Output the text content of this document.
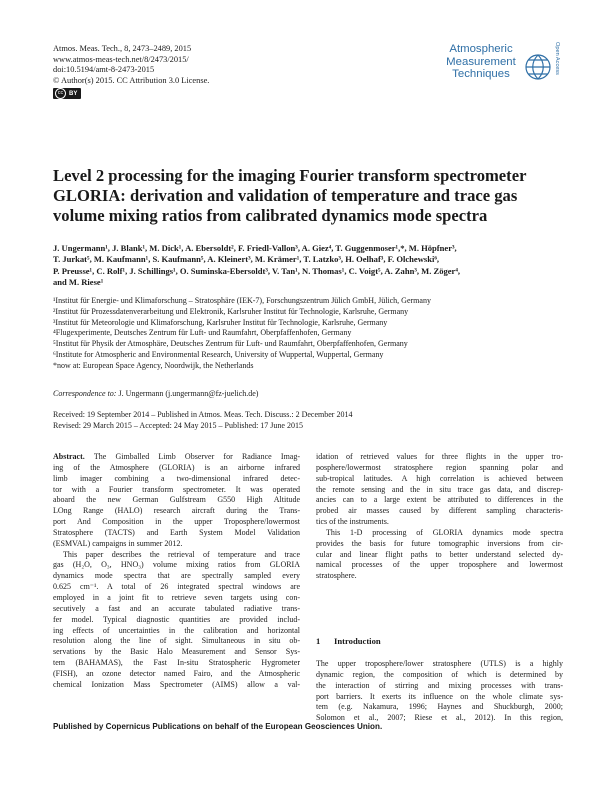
Atmos. Meas. Tech., 8, 2473–2489, 2015
www.atmos-meas-tech.net/8/2473/2015/
doi:10.5194/amt-8-2473-2015
© Author(s) 2015. CC Attribution 3.0 License.
cc BY
Atmospheric
Measurement
Techniques	Open Access
Level 2 processing for the imaging Fourier transform spectrometer
GLORIA: derivation and validation of temperature and trace gas
volume mixing ratios from calibrated dynamics mode spectra
J. Ungermann¹, J. Blank¹, M. Dick¹, A. Ebersoldt², F. Friedl-Vallon³, A. Giez⁴, T. Guggenmoser¹,*, M. Höpfner³,
T. Jurkat⁵, M. Kaufmann¹, S. Kaufmann⁵, A. Kleinert³, M. Krämer¹, T. Latzko³, H. Oelhaf³, F. Olchewski⁶,
P. Preusse¹, C. Rolf¹, J. Schillings¹, O. Suminska-Ebersoldt³, V. Tan¹, N. Thomas¹, C. Voigt⁵, A. Zahn³, M. Zöger⁴,
and M. Riese¹
¹Institut für Energie- und Klimaforschung – Stratosphäre (IEK-7), Forschungszentrum Jülich GmbH, Jülich, Germany
²Institut für Prozessdatenverarbeitung und Elektronik, Karlsruher Institut für Technologie, Karlsruhe, Germany
³Institut für Meteorologie und Klimaforschung, Karlsruher Institut für Technologie, Karlsruhe, Germany
⁴Flugexperimente, Deutsches Zentrum für Luft- und Raumfahrt, Oberpfaffenhofen, Germany
⁵Institut für Physik der Atmosphäre, Deutsches Zentrum für Luft- und Raumfahrt, Oberpfaffenhofen, Germany
⁶Institute for Atmospheric and Environmental Research, University of Wuppertal, Wuppertal, Germany
*now at: European Space Agency, Noordwijk, the Netherlands
Correspondence to: J. Ungermann (j.ungermann@fz-juelich.de)
Received: 19 September 2014 – Published in Atmos. Meas. Tech. Discuss.: 2 December 2014
Revised: 29 March 2015 – Accepted: 24 May 2015 – Published: 17 June 2015
Abstract. The Gimballed Limb Observer for Radiance Imag-
ing of the Atmosphere (GLORIA) is an airborne infrared
limb imager combining a two-dimensional infrared detec-
tor with a Fourier transform spectrometer. It was operated
aboard the new German Gulfstream G550 High Altitude
LOng Range (HALO) research aircraft during the Trans-
port And Composition in the upper Troposphere/lowermost
Stratosphere (TACTS) and Earth System Model Validation
(ESMVAL) campaigns in summer 2012.
This paper describes the retrieval of temperature and trace
gas (H₂O, O₃, HNO₃) volume mixing ratios from GLORIA
dynamics mode spectra that are spectrally sampled every
0.625 cm⁻¹. A total of 26 integrated spectral windows are
employed in a joint fit to retrieve seven targets using con-
secutively a fast and an accurate tabulated radiative trans-
fer model. Typical diagnostic quantities are provided includ-
ing effects of uncertainties in the calibration and horizontal
resolution along the line of sight. Simultaneous in situ ob-
servations by the Basic Halo Measurement and Sensor Sys-
tem (BAHAMAS), the Fast In-situ Stratospheric Hygrometer
(FISH), an ozone detector named Fairo, and the Atmospheric
chemical Ionization Mass Spectrometer (AIMS) allow a val-
idation of retrieved values for three flights in the upper tro-
posphere/lowermost stratosphere region spanning polar and
sub-tropical latitudes. A high correlation is achieved between
the remote sensing and the in situ trace gas data, and discrep-
ancies can to a large extent be attributed to differences in the
probed air masses caused by different sampling characteris-
tics of the instruments.
This 1-D processing of GLORIA dynamics mode spectra
provides the basis for future tomographic inversions from cir-
cular and linear flight paths to better understand selected dy-
namical processes of the upper troposphere and lowermost
stratosphere.
1 Introduction
The upper troposphere/lower stratosphere (UTLS) is a highly
dynamic region, the composition of which is determined by
the interaction of stirring and mixing processes with trans-
port barriers. It exerts its influence on the whole climate sys-
tem (e.g. Nakamura, 1996; Haynes and Shuckburgh, 2000;
Solomon et al., 2007; Riese et al., 2012). In this region,
Published by Copernicus Publications on behalf of the European Geosciences Union.
